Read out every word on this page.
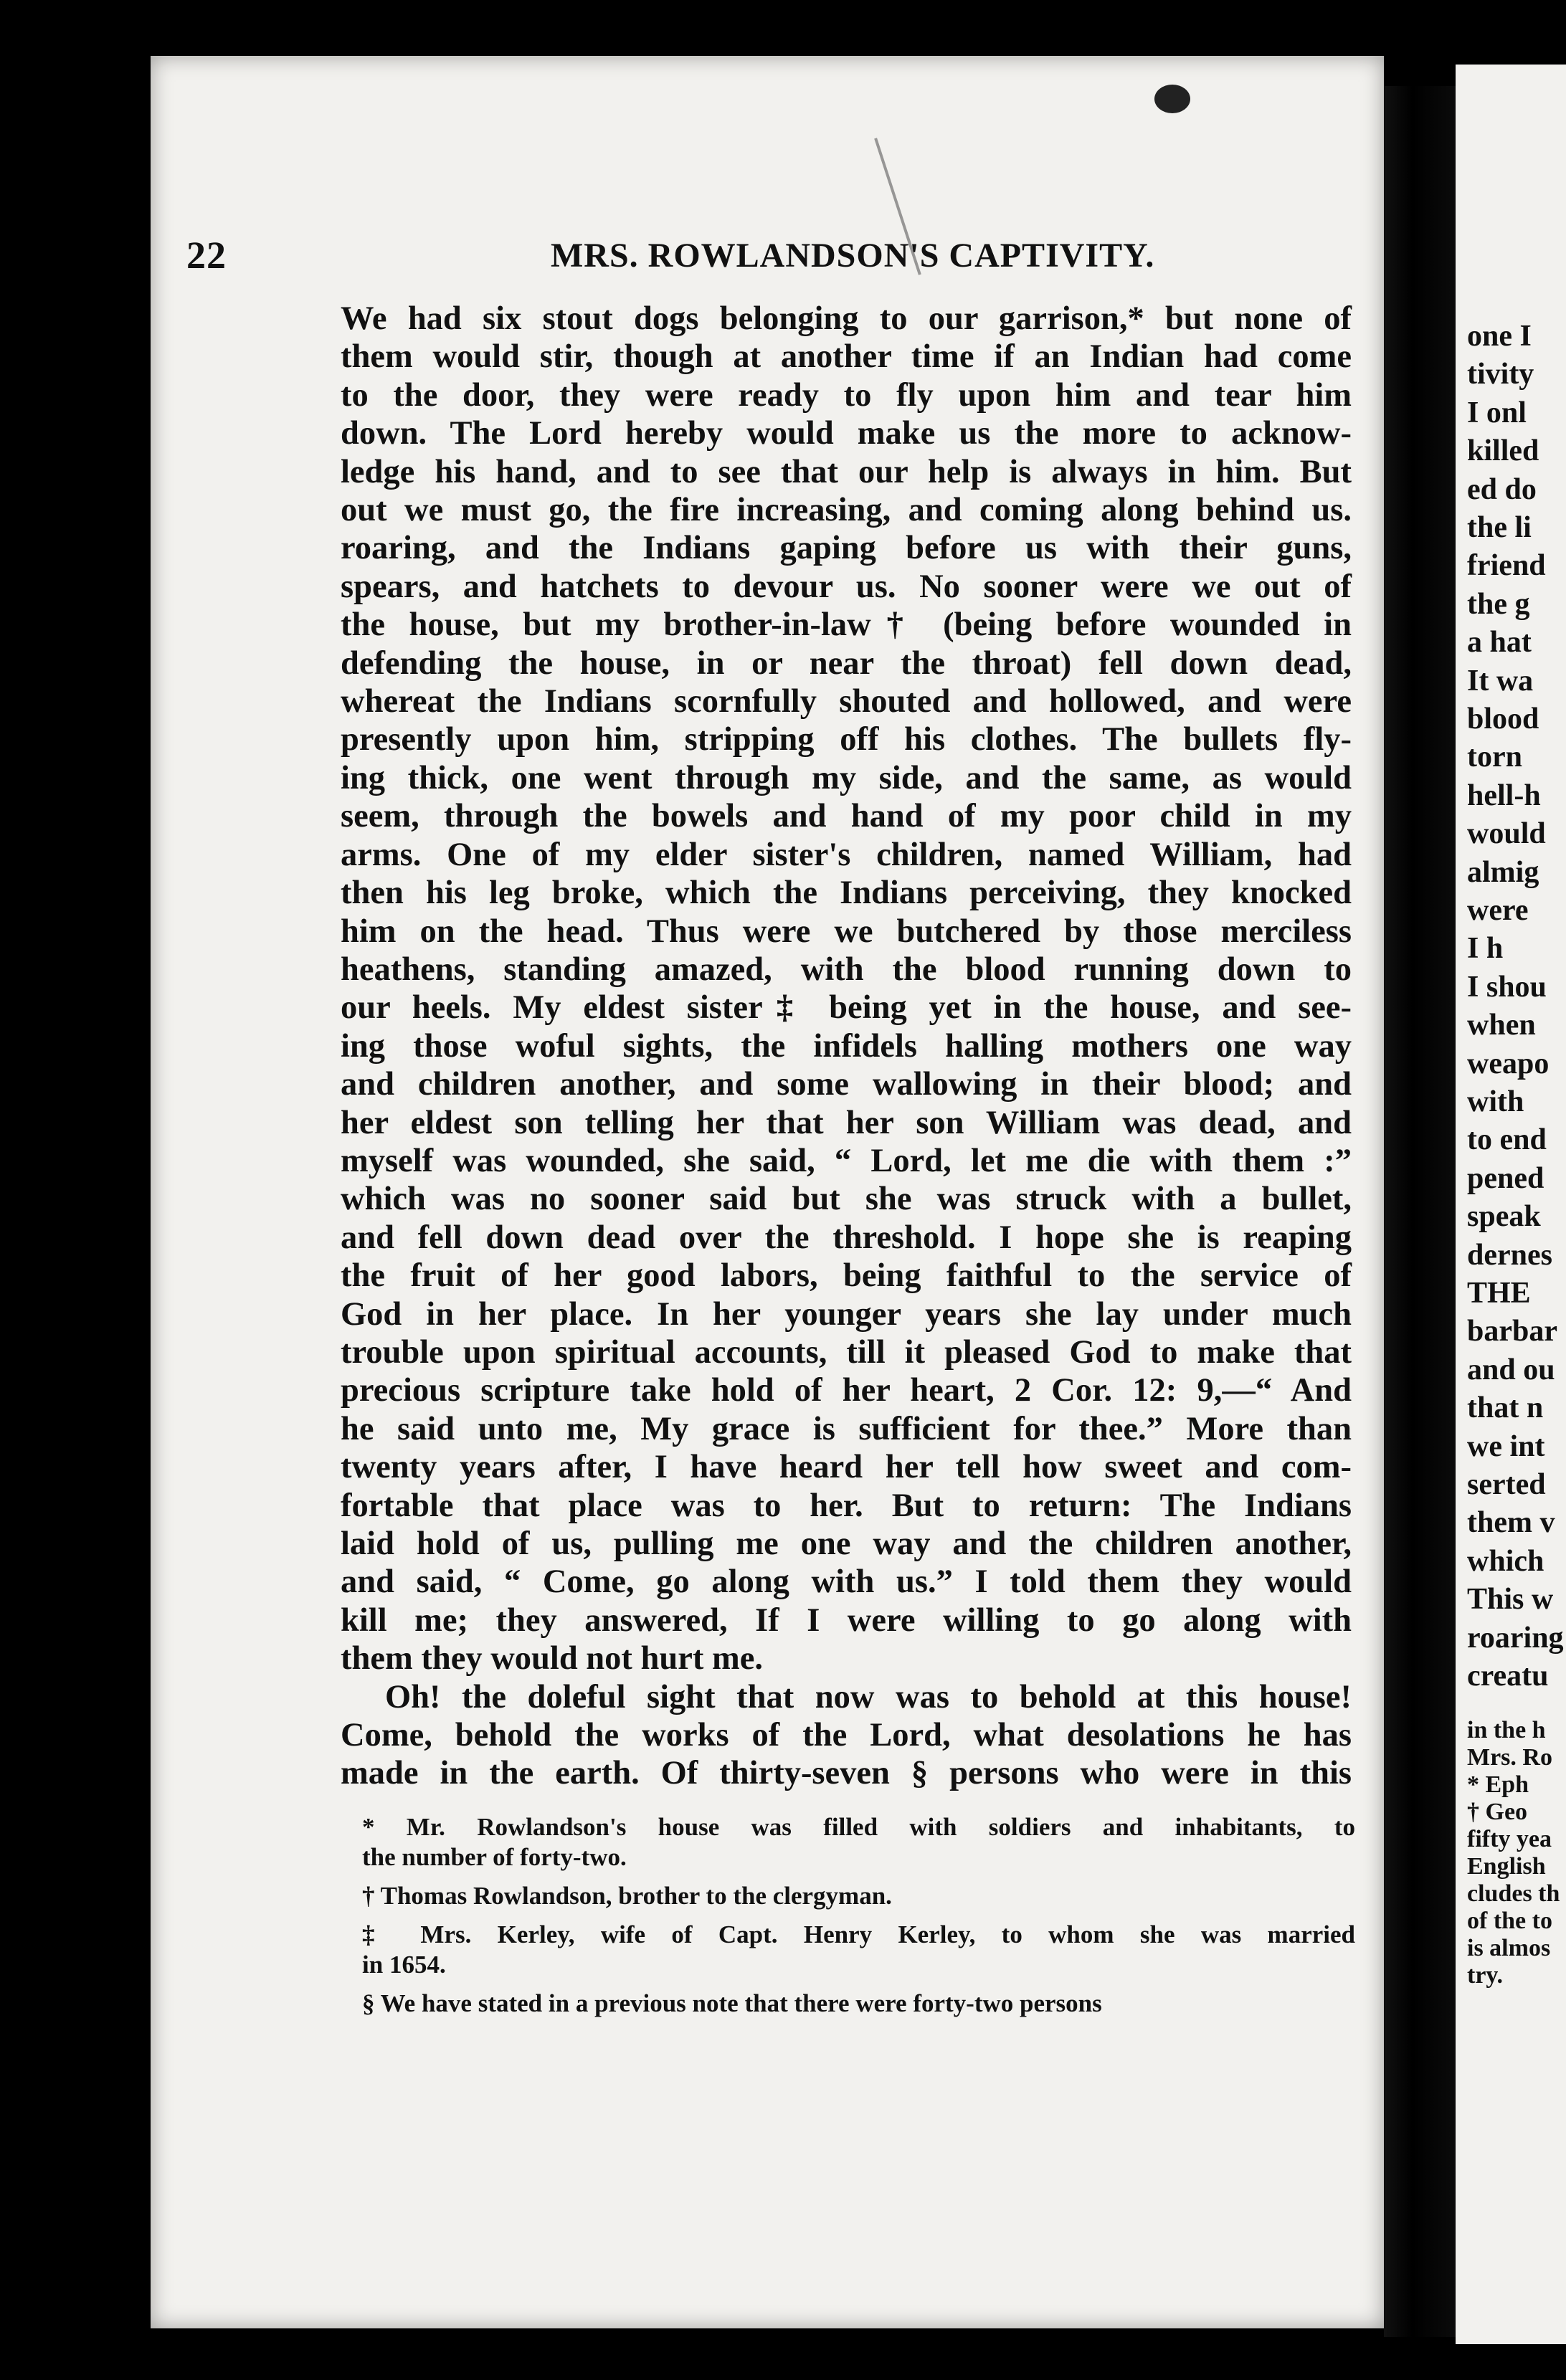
22	MRS. ROWLANDSON'S CAPTIVITY.
We had six stout dogs belonging to our garrison,* but none of
them would stir, though at another time if an Indian had come
to the door, they were ready to fly upon him and tear him
down. The Lord hereby would make us the more to acknow-
ledge his hand, and to see that our help is always in him. But
out we must go, the fire increasing, and coming along behind us.
roaring, and the Indians gaping before us with their guns,
spears, and hatchets to devour us. No sooner were we out of
the house, but my brother-in-law† (being before wounded in
defending the house, in or near the throat) fell down dead,
whereat the Indians scornfully shouted and hollowed, and were
presently upon him, stripping off his clothes. The bullets fly-
ing thick, one went through my side, and the same, as would
seem, through the bowels and hand of my poor child in my
arms. One of my elder sister's children, named William, had
then his leg broke, which the Indians perceiving, they knocked
him on the head. Thus were we butchered by those merciless
heathens, standing amazed, with the blood running down to
our heels. My eldest sister‡ being yet in the house, and see-
ing those woful sights, the infidels halling mothers one way
and children another, and some wallowing in their blood; and
her eldest son telling her that her son William was dead, and
myself was wounded, she said, “ Lord, let me die with them :”
which was no sooner said but she was struck with a bullet,
and fell down dead over the threshold. I hope she is reaping
the fruit of her good labors, being faithful to the service of
God in her place. In her younger years she lay under much
trouble upon spiritual accounts, till it pleased God to make that
precious scripture take hold of her heart, 2 Cor. 12: 9,—“ And
he said unto me, My grace is sufficient for thee.” More than
twenty years after, I have heard her tell how sweet and com-
fortable that place was to her. But to return: The Indians
laid hold of us, pulling me one way and the children another,
and said, “ Come, go along with us.” I told them they would
kill me; they answered, If I were willing to go along with
them they would not hurt me.
Oh! the doleful sight that now was to behold at this house!
Come, behold the works of the Lord, what desolations he has
made in the earth. Of thirty-seven § persons who were in this
* Mr. Rowlandson's house was filled with soldiers and inhabitants, to
the number of forty-two.
† Thomas Rowlandson, brother to the clergyman.
‡ Mrs. Kerley, wife of Capt. Henry Kerley, to whom she was married
in 1654.
§ We have stated in a previous note that there were forty-two persons
one I
tivity
I onl
killed
ed do
the li
friend
the g
a hat
It wa
blood
torn
hell-h
would
almig
were
I h
I shou
when
weapo
with
to end
pened
speak
dernes
THE
barbar
and ou
that n
we int
serted
them v
which
This w
roaring
creatu
in the h
Mrs. Ro
* Eph
† Geo
fifty yea
English
cludes th
of the to
is almos
try.
